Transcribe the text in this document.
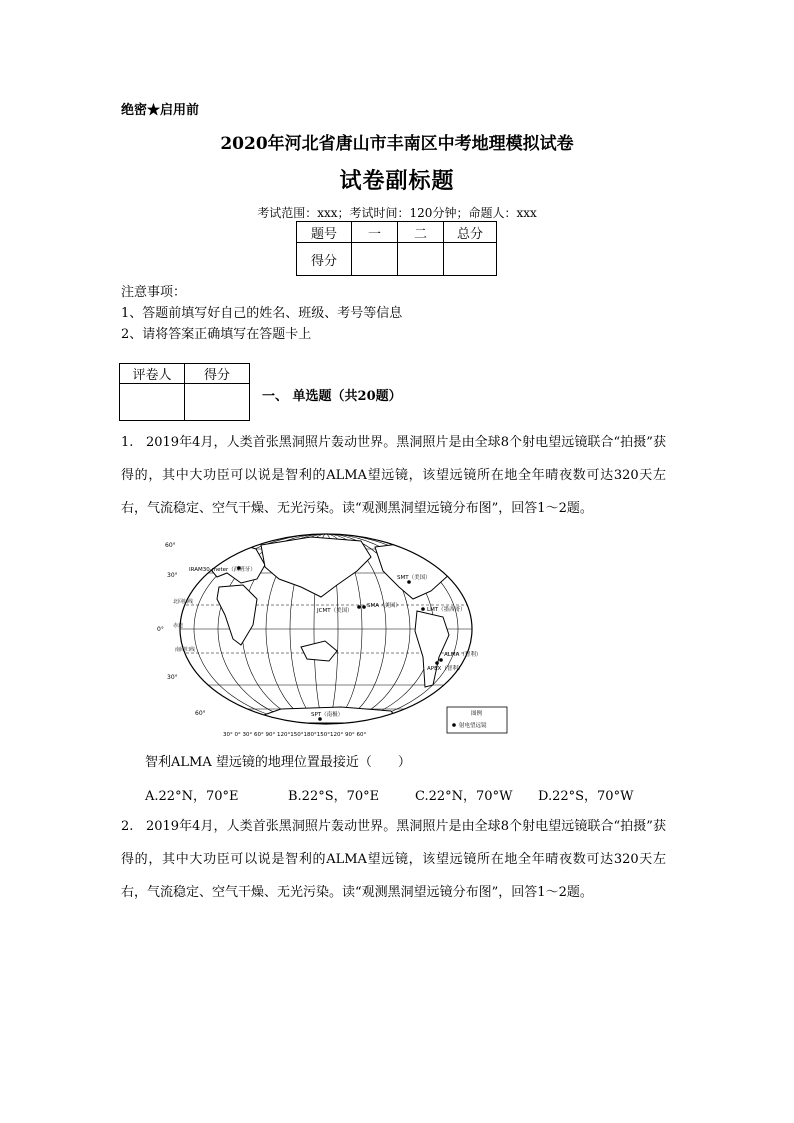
绝密★启用前
2020年河北省唐山市丰南区中考地理模拟试卷
试卷副标题
考试范围：xxx；考试时间：120分钟；命题人：xxx
题号	一	二	总分
得分			
注意事项：
1、答题前填写好自己的姓名、班级、考号等信息
2、请将答案正确填写在答题卡上
评卷人	得分

一、 单选题（共20题）
1. 2019年4月，人类首张黑洞照片轰动世界。黑洞照片是由全球8个射电望远镜联合“拍摄”获得的，其中大功臣可以说是智利的ALMA望远镜，该望远镜所在地全年晴夜数可达320天左右，气流稳定、空气干燥、无光污染。读“观测黑洞望远镜分布图”，回答1～2题。
60°
30°
0°
30°
60°
北回归线
赤道
南回归线
30° 0° 30° 60° 90° 120°150°180°150°120° 90° 60°
IRAM30-meter（西班牙）
SMT（美国）
JCMT（美国）
SMA（美国）
LMT（墨西哥）
ALMA（智利）
APEX（智利）
SPT（南极）	图例
射电望远镜
智利ALMA 望远镜的地理位置最接近（　　）
A.22°N，70°E	B.22°S，70°E	C.22°N，70°W D.22°S，70°W
2. 2019年4月，人类首张黑洞照片轰动世界。黑洞照片是由全球8个射电望远镜联合“拍摄”获得的，其中大功臣可以说是智利的ALMA望远镜，该望远镜所在地全年晴夜数可达320天左右，气流稳定、空气干燥、无光污染。读“观测黑洞望远镜分布图”，回答1～2题。
